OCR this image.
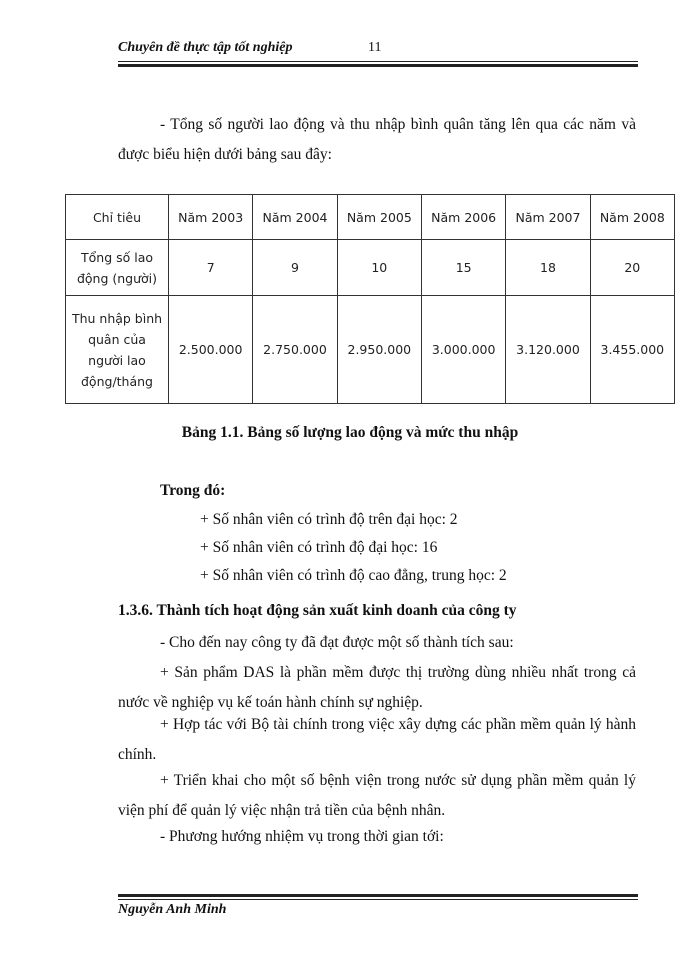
Chuyên đề thực tập tốt nghiệp	11

- Tổng số người lao động và thu nhập bình quân tăng lên qua các năm và được biểu hiện dưới bảng sau đây:

Chỉ tiêu	Năm 2003	Năm 2004	Năm 2005	Năm 2006	Năm 2007	Năm 2008
Tổng số lao động (người)	7	9	10	15	18	20
Thu nhập bình quân của người lao động/tháng	2.500.000	2.750.000	2.950.000	3.000.000	3.120.000	3.455.000
Bảng 1.1. Bảng số lượng lao động và mức thu nhập
Trong đó:
+ Số nhân viên có trình độ trên đại học: 2
+ Số nhân viên có trình độ đại học: 16
+ Số nhân viên có trình độ cao đẳng, trung học: 2
1.3.6. Thành tích hoạt động sản xuất kinh doanh của công ty

- Cho đến nay công ty đã đạt được một số thành tích sau:

+ Sản phẩm DAS là phần mềm được thị trường dùng nhiều nhất trong cả nước về nghiệp vụ kế toán hành chính sự nghiệp.

+ Hợp tác với Bộ tài chính trong việc xây dựng các phần mềm quản lý hành chính.

+ Triển khai cho một số bệnh viện trong nước sử dụng phần mềm quản lý viện phí để quản lý việc nhận trả tiền của bệnh nhân.

- Phương hướng nhiệm vụ trong thời gian tới:

Nguyễn Anh Minh
